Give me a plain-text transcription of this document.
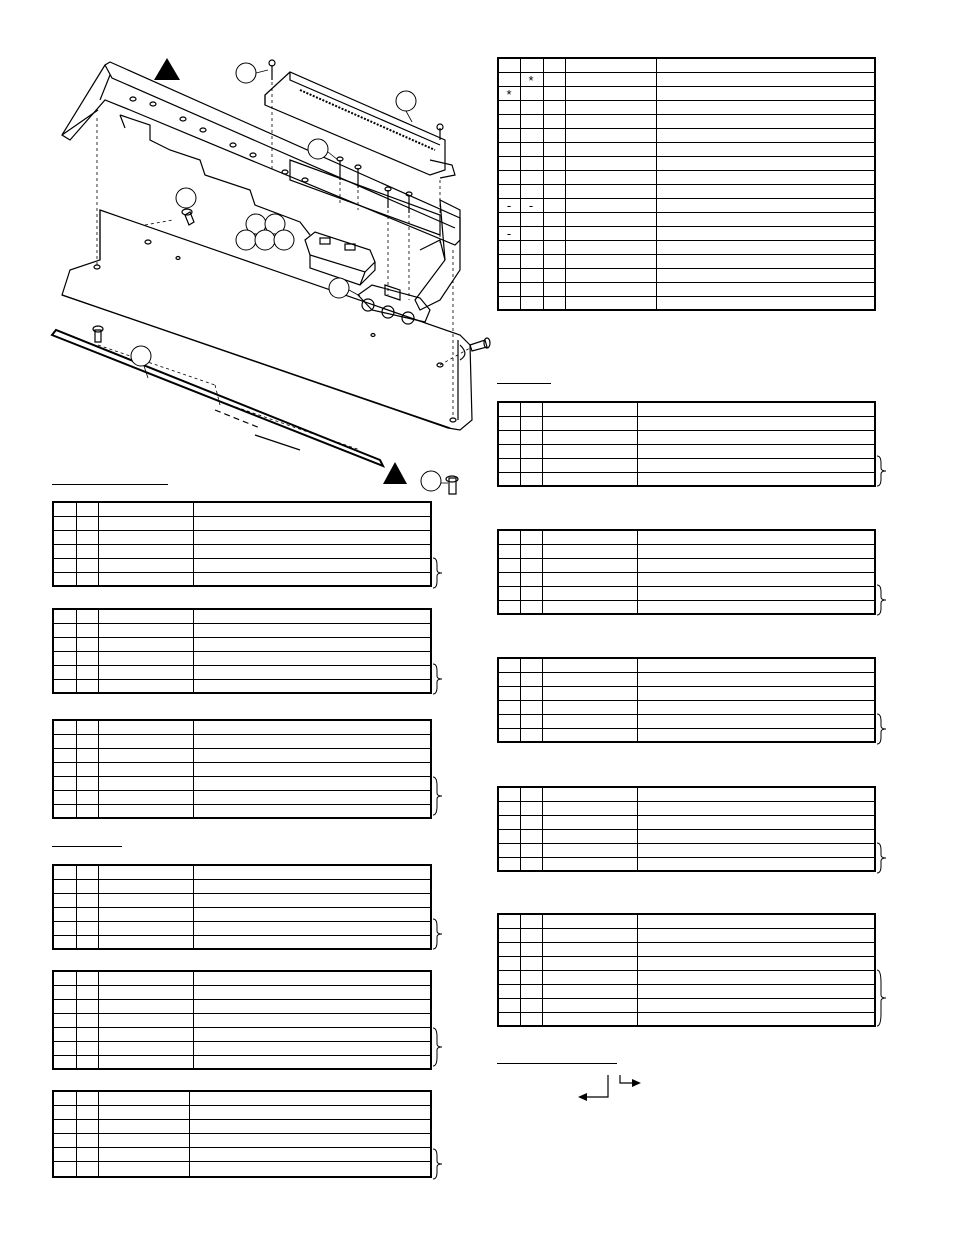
*
*
-	-
-
